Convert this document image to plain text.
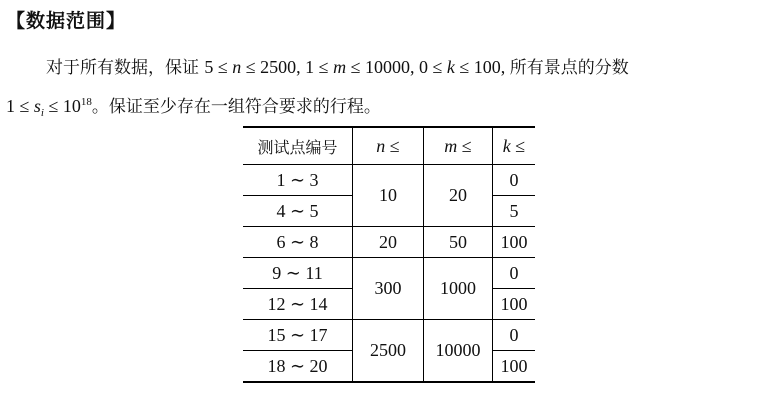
【数据范围】
对于所有数据，保证 5 ≤ n ≤ 2500, 1 ≤ m ≤ 10000, 0 ≤ k ≤ 100, 所有景点的分数
$1 \le s_i \le 10^{18}$。保证至少存在一组符合要求的行程。
测试点编号	n ≤	m ≤	k ≤
1 ∼ 3	10	20	0
4 ∼ 5			5
6 ∼ 8	20	50	100
9 ∼ 11	300	1000	0
12 ∼ 14			100
15 ∼ 17	2500	10000	0
18 ∼ 20			100
